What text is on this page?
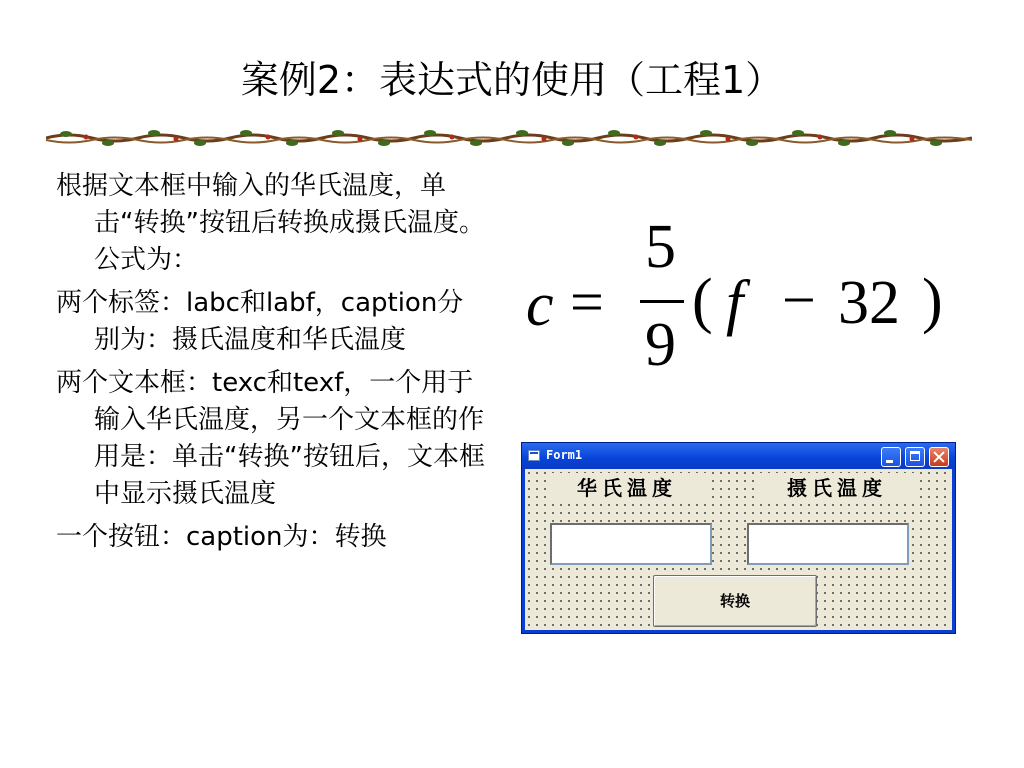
案例2：表达式的使用（工程1）

根据文本框中输入的华氏温度，单击“转换”按钮后转换成摄氏温度。公式为：

两个标签：labc和labf，caption分别为：摄氏温度和华氏温度

两个文本框：texc和texf，一个用于输入华氏温度，另一个文本框的作用是：单击“转换”按钮后，文本框中显示摄氏温度

一个按钮：caption为：转换

c =
5
9
( f − 32 )
Form1
华氏温度	摄氏温度
转换
